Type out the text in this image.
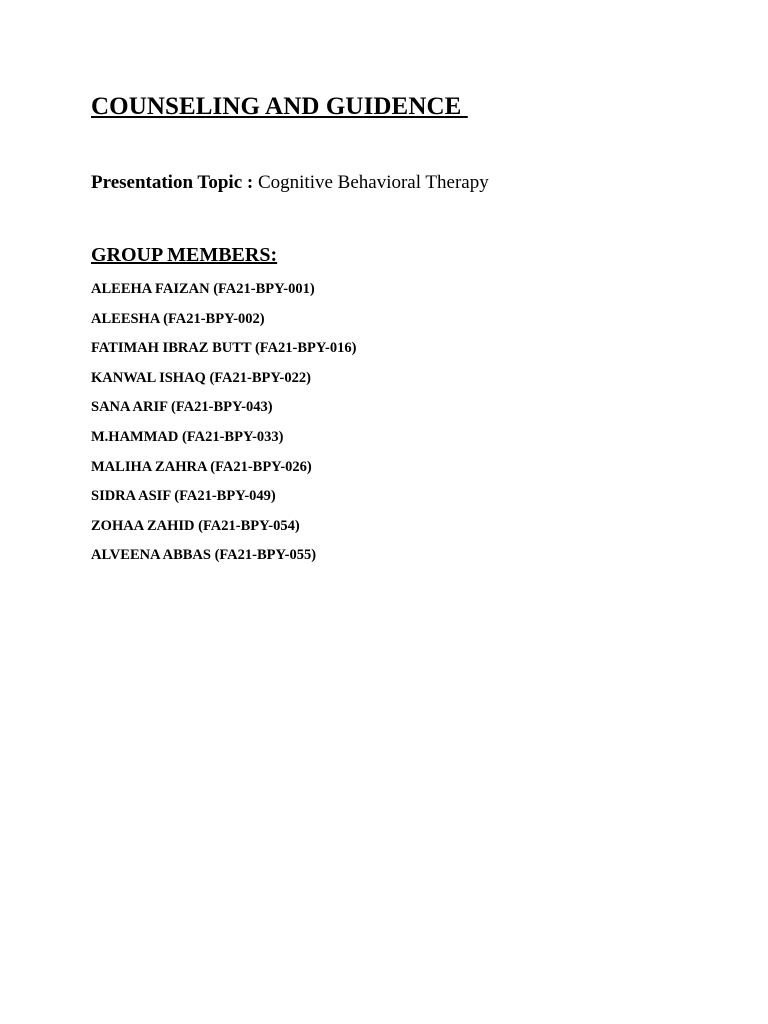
COUNSELING AND GUIDENCE
Presentation Topic : Cognitive Behavioral Therapy
GROUP MEMBERS:
ALEEHA FAIZAN (FA21-BPY-001)
ALEESHA (FA21-BPY-002)
FATIMAH IBRAZ BUTT (FA21-BPY-016)
KANWAL ISHAQ (FA21-BPY-022)
SANA ARIF (FA21-BPY-043)
M.HAMMAD (FA21-BPY-033)
MALIHA ZAHRA (FA21-BPY-026)
SIDRA ASIF (FA21-BPY-049)
ZOHAA ZAHID (FA21-BPY-054)
ALVEENA ABBAS (FA21-BPY-055)
